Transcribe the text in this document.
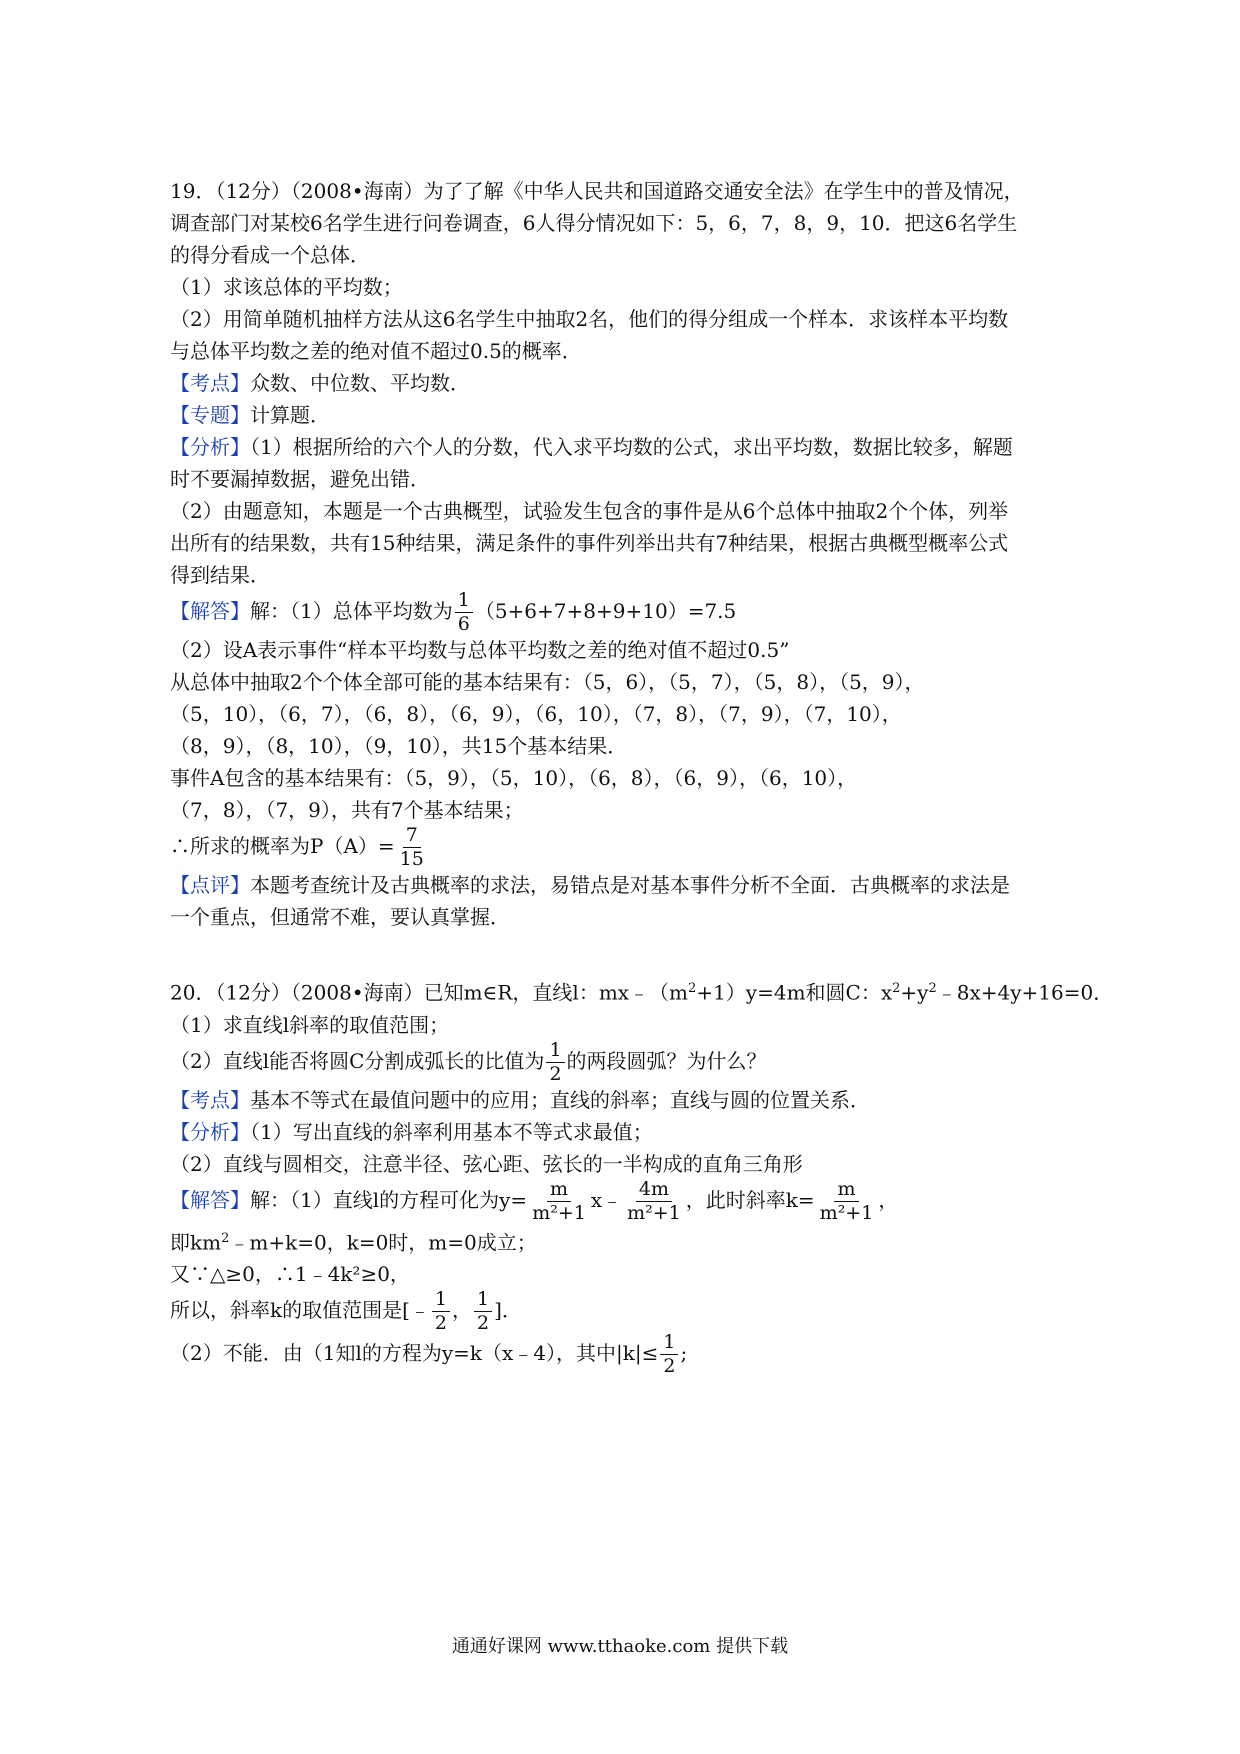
19．（12分）（2008•海南）为了了解《中华人民共和国道路交通安全法》在学生中的普及情况，
调查部门对某校6名学生进行问卷调查，6人得分情况如下：5，6，7，8，9，10．把这6名学生
的得分看成一个总体．
（1）求该总体的平均数；
（2）用简单随机抽样方法从这6名学生中抽取2名，他们的得分组成一个样本．求该样本平均数
与总体平均数之差的绝对值不超过0.5的概率．
【考点】众数、中位数、平均数．
【专题】计算题．
【分析】（1）根据所给的六个人的分数，代入求平均数的公式，求出平均数，数据比较多，解题
时不要漏掉数据，避免出错．
（2）由题意知，本题是一个古典概型，试验发生包含的事件是从6个总体中抽取2个个体，列举
出所有的结果数，共有15种结果，满足条件的事件列举出共有7种结果，根据古典概型概率公式
得到结果．
【解答】解：（1）总体平均数为 $\frac{1}{6} (5+6+7+8+9+10)=7.5$
（2）设A表示事件“样本平均数与总体平均数之差的绝对值不超过0.5”
从总体中抽取2个个体全部可能的基本结果有：（5，6），（5，7），（5，8），（5，9），
（5，10），（6，7），（6，8），（6，9），（6，10），（7，8），（7，9），（7，10），
（8，9），（8，10），（9，10），共15个基本结果．
事件A包含的基本结果有：（5，9），（5，10），（6，8），（6，9），（6，10），
（7，8），（7，9），共有7个基本结果；
∴所求的概率为$P(A)= \frac{7}{15}$
【点评】本题考查统计及古典概率的求法，易错点是对基本事件分析不全面．古典概率的求法是
一个重点，但通常不难，要认真掌握．
20．（12分）（2008•海南）已知m∈R，直线l：$mx﹣(m^2+1)y=4m$和圆C：$x^2+y^2﹣8x+4y+16=0$．
（1）求直线l斜率的取值范围；
（2）直线l能否将圆C分割成弧长的比值为 $\frac{1}{2}$ 的两段圆弧？为什么？
【考点】基本不等式在最值问题中的应用；直线的斜率；直线与圆的位置关系．
【分析】（1）写出直线的斜率利用基本不等式求最值；
（2）直线与圆相交，注意半径、弦心距、弦长的一半构成的直角三角形
【解答】解：（1）直线l的方程可化为$y= \frac{m}{\text{m²+1}}$ x﹣ $\frac{4m}{\text{m²+1}}$ ，此时斜率$k= \frac{m}{\text{m²+1}}$ ，
即$km^2﹣m+k=0$，k=0时，m=0成立；
又∵△≥0，∴1﹣4k²≥0，
所以，斜率k的取值范围是[﹣ $\frac{1}{2}$ ， $\frac{1}{2}$ ]．
（2）不能．由（1知l的方程为y=k（x﹣4），其中$|k|\le \frac{1}{2}$ ;
通通好课网 www.tthaoke.com 提供下载
